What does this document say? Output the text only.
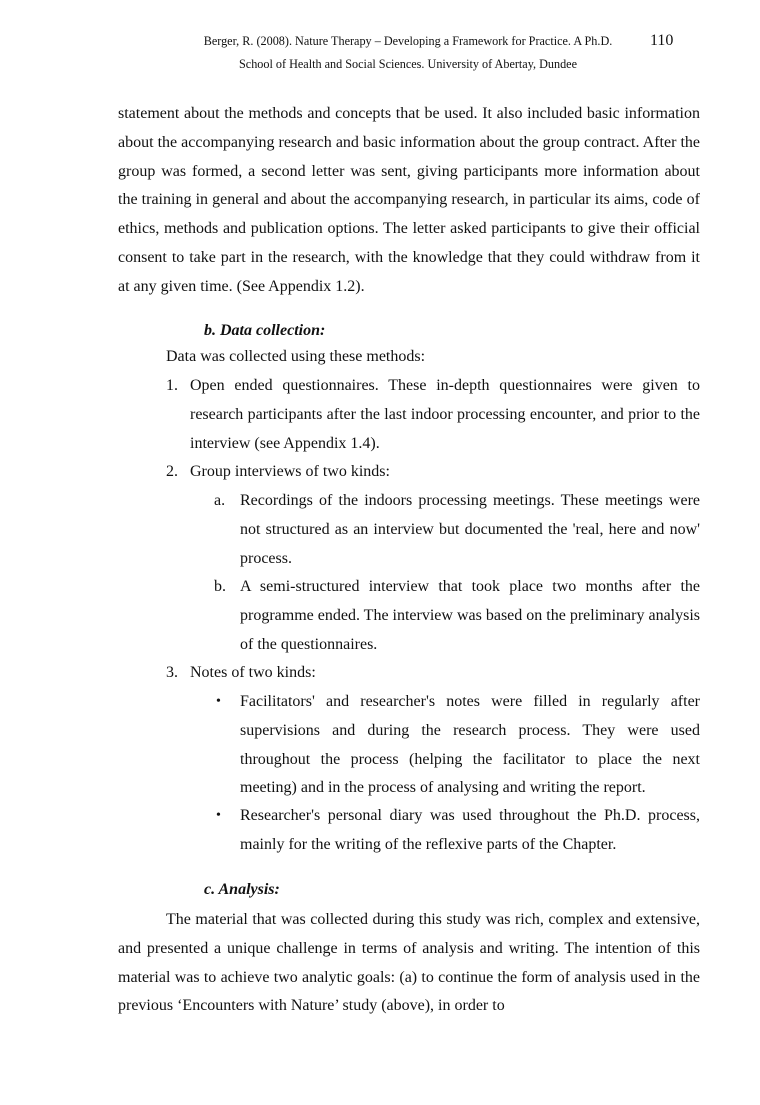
Berger, R. (2008). Nature Therapy – Developing a Framework for Practice. A Ph.D.
School of Health and Social Sciences. University of Abertay, Dundee
110
statement about the methods and concepts that be used. It also included basic information about the accompanying research and basic information about the group contract. After the group was formed, a second letter was sent, giving participants more information about the training in general and about the accompanying research, in particular its aims, code of ethics, methods and publication options. The letter asked participants to give their official consent to take part in the research, with the knowledge that they could withdraw from it at any given time. (See Appendix 1.2).
b. Data collection:
Data was collected using these methods:
1. Open ended questionnaires. These in-depth questionnaires were given to research participants after the last indoor processing encounter, and prior to the interview (see Appendix 1.4).
2. Group interviews of two kinds:
a. Recordings of the indoors processing meetings. These meetings were not structured as an interview but documented the 'real, here and now' process.
b. A semi-structured interview that took place two months after the programme ended. The interview was based on the preliminary analysis of the questionnaires.
3. Notes of two kinds:
• Facilitators' and researcher's notes were filled in regularly after supervisions and during the research process. They were used throughout the process (helping the facilitator to place the next meeting) and in the process of analysing and writing the report.
• Researcher's personal diary was used throughout the Ph.D. process, mainly for the writing of the reflexive parts of the Chapter.
c. Analysis:
The material that was collected during this study was rich, complex and extensive, and presented a unique challenge in terms of analysis and writing. The intention of this material was to achieve two analytic goals: (a) to continue the form of analysis used in the previous ‘Encounters with Nature’ study (above), in order to
